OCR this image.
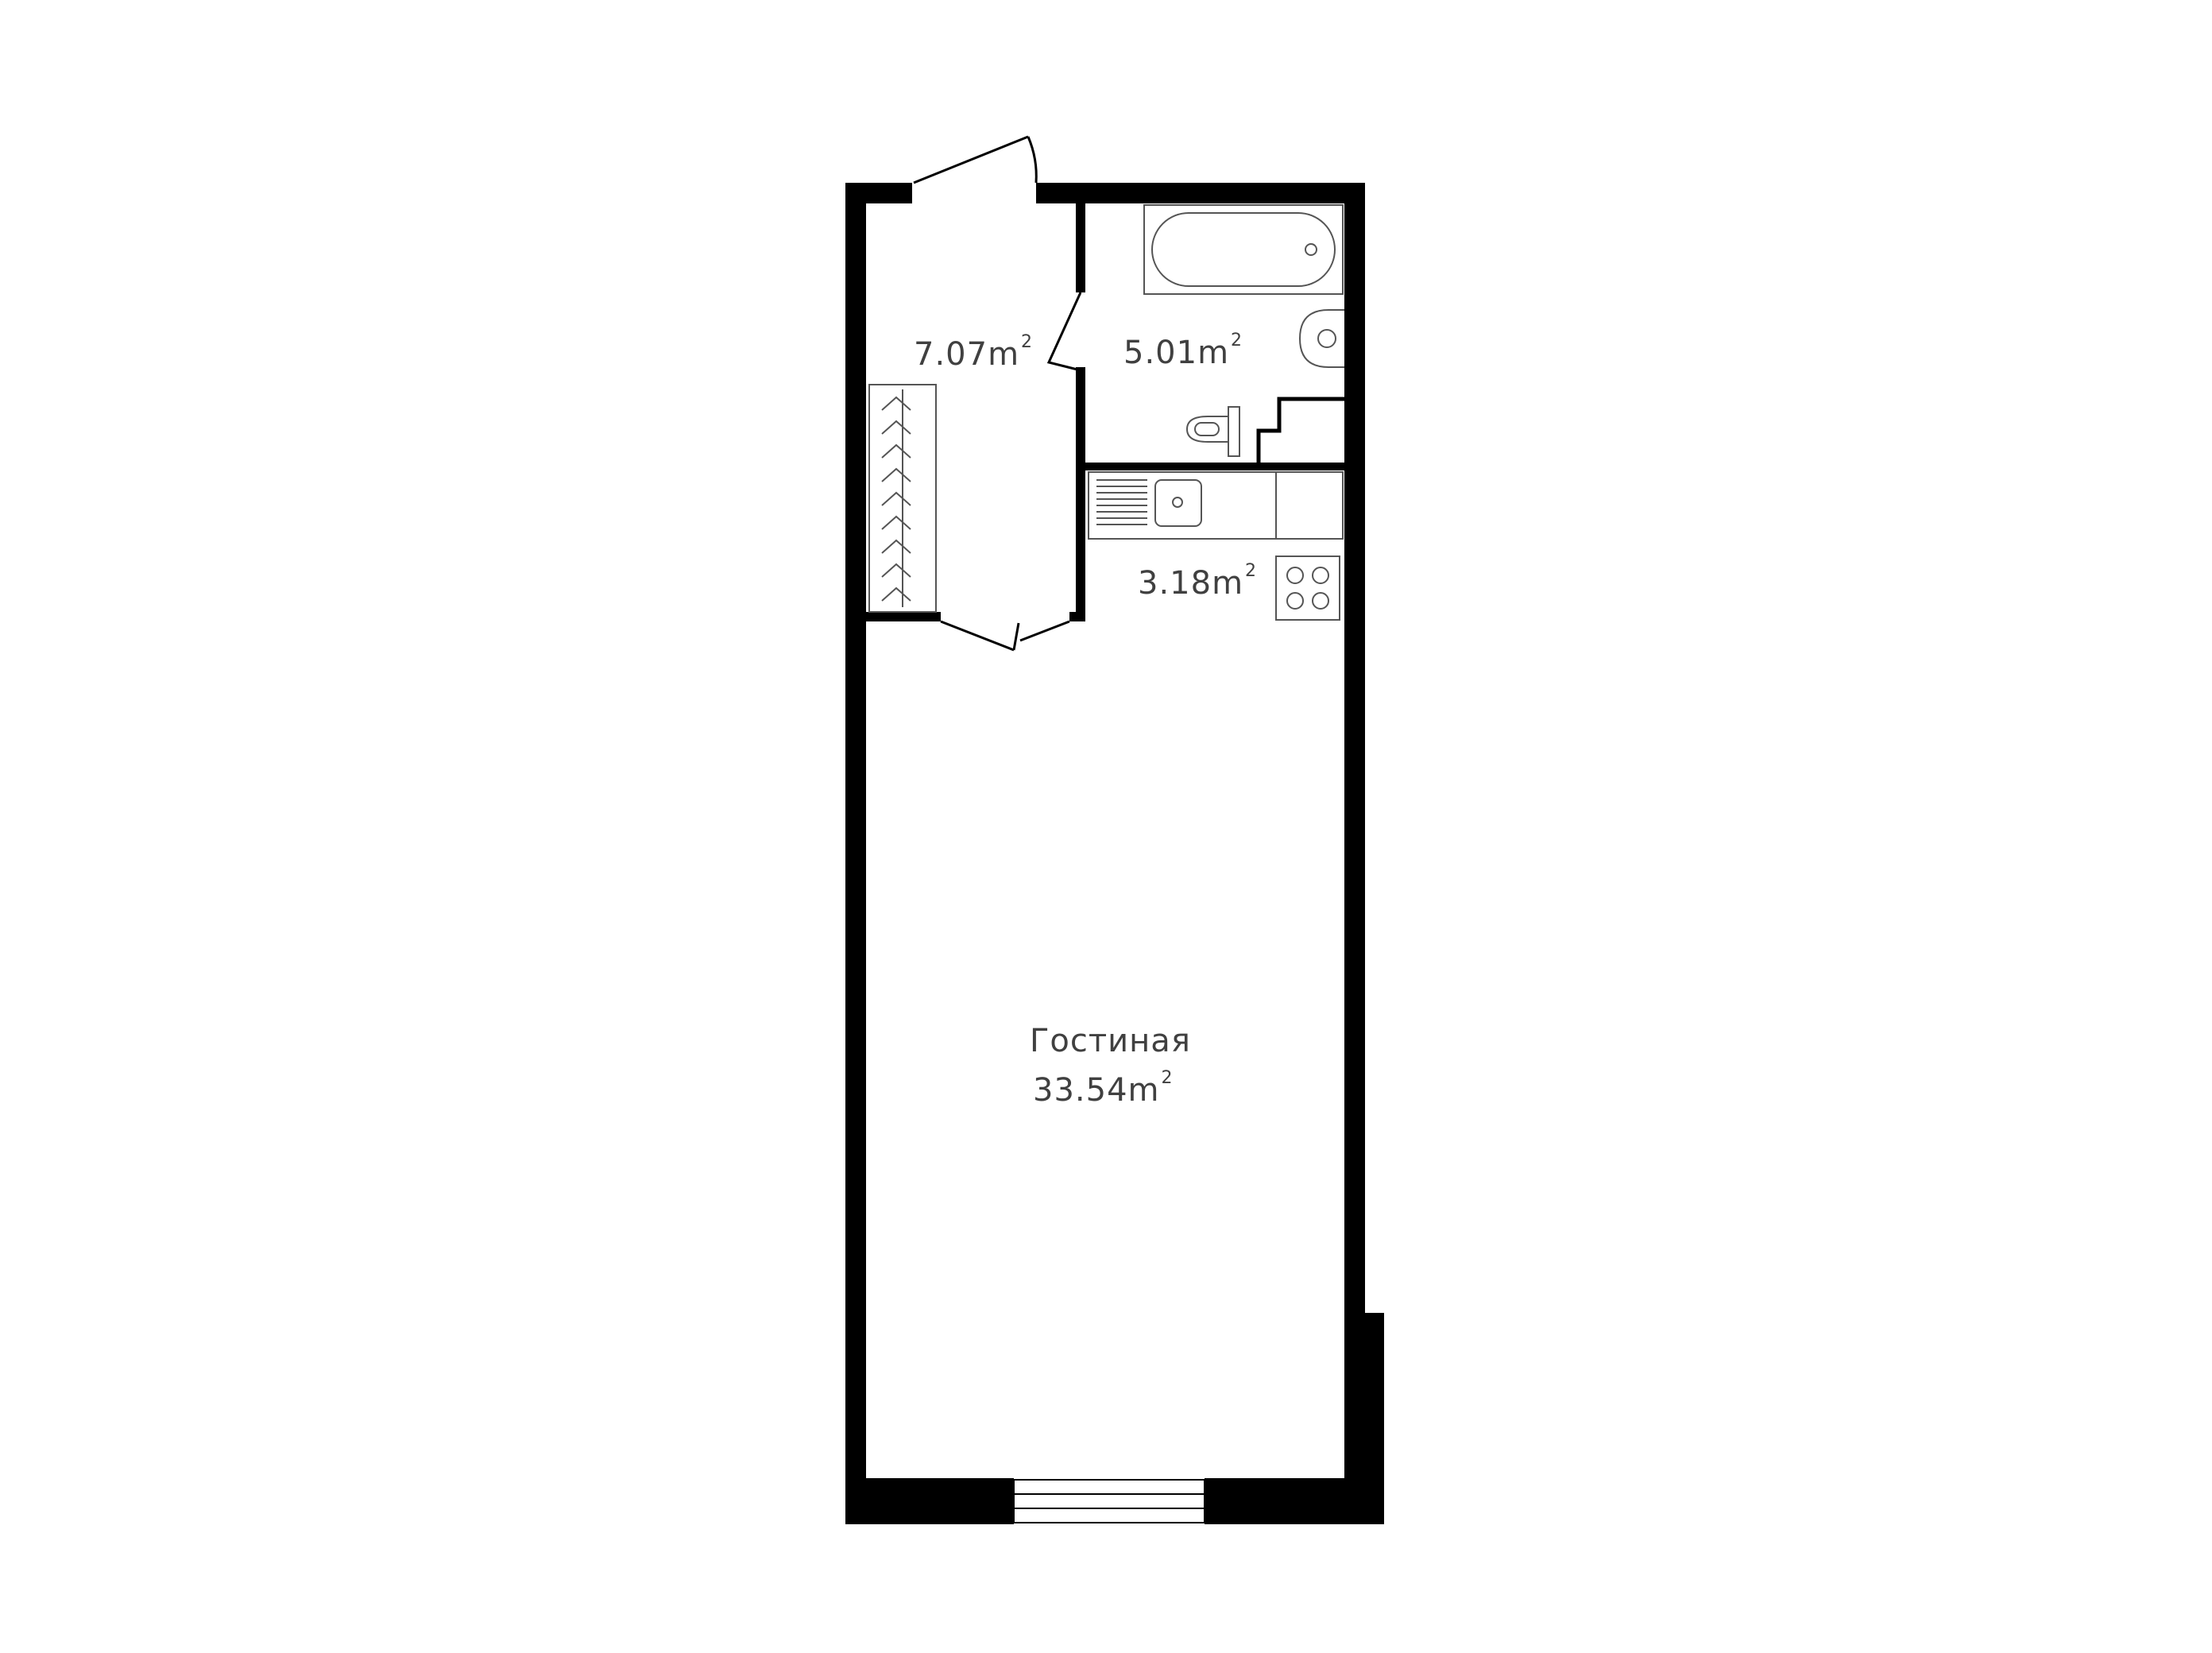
$7.07m^2$	$5.01m^2$
$3.18m^2$
Гостиная
$33.54m^2$
